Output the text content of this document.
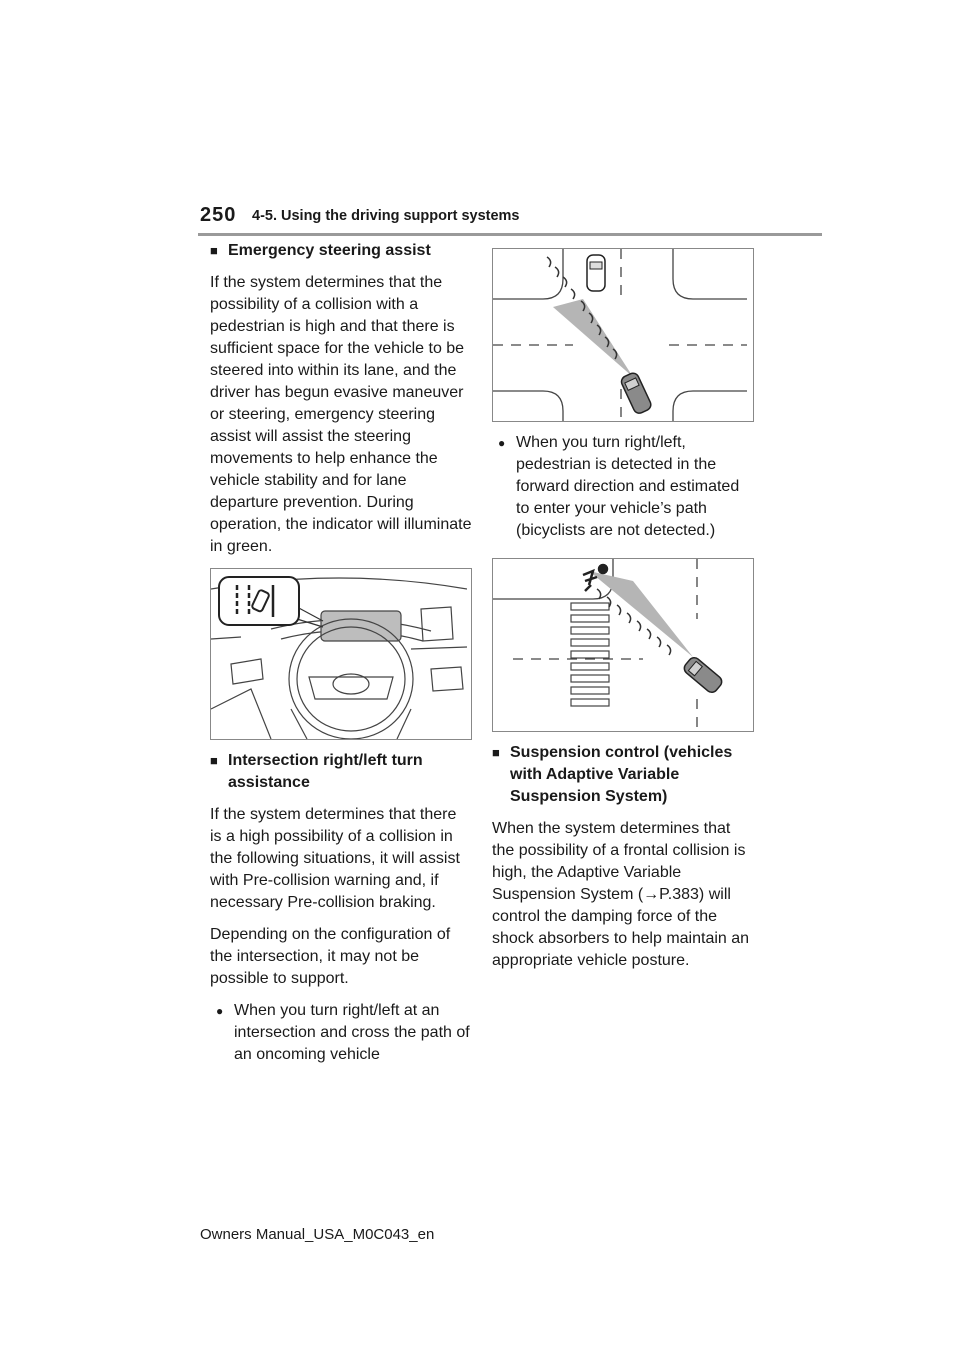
250 4-5. Using the driving support systems
■ Emergency steering assist

If the system determines that the possibility of a collision with a pedestrian is high and that there is sufficient space for the vehicle to be steered into within its lane, and the driver has begun evasive maneuver or steering, emergency steering assist will assist the steering movements to help enhance the vehicle stability and for lane departure prevention. During operation, the indicator will illuminate in green.

■ Intersection right/left turn assistance

If the system determines that there is a high possibility of a collision in the following situations, it will assist with Pre-collision warning and, if necessary Pre-collision braking.

Depending on the configuration of the intersection, it may not be possible to support.

● When you turn right/left at an intersection and cross the path of an oncoming vehicle
● When you turn right/left, pedestrian is detected in the forward direction and estimated to enter your vehicle’s path (bicyclists are not detected.)
■ Suspension control (vehicles with Adaptive Variable Suspension System)

When the system determines that the possibility of a frontal collision is high, the Adaptive Variable Suspension System (→P.383) will control the damping force of the shock absorbers to help maintain an appropriate vehicle posture.

Owners Manual_USA_M0C043_en
